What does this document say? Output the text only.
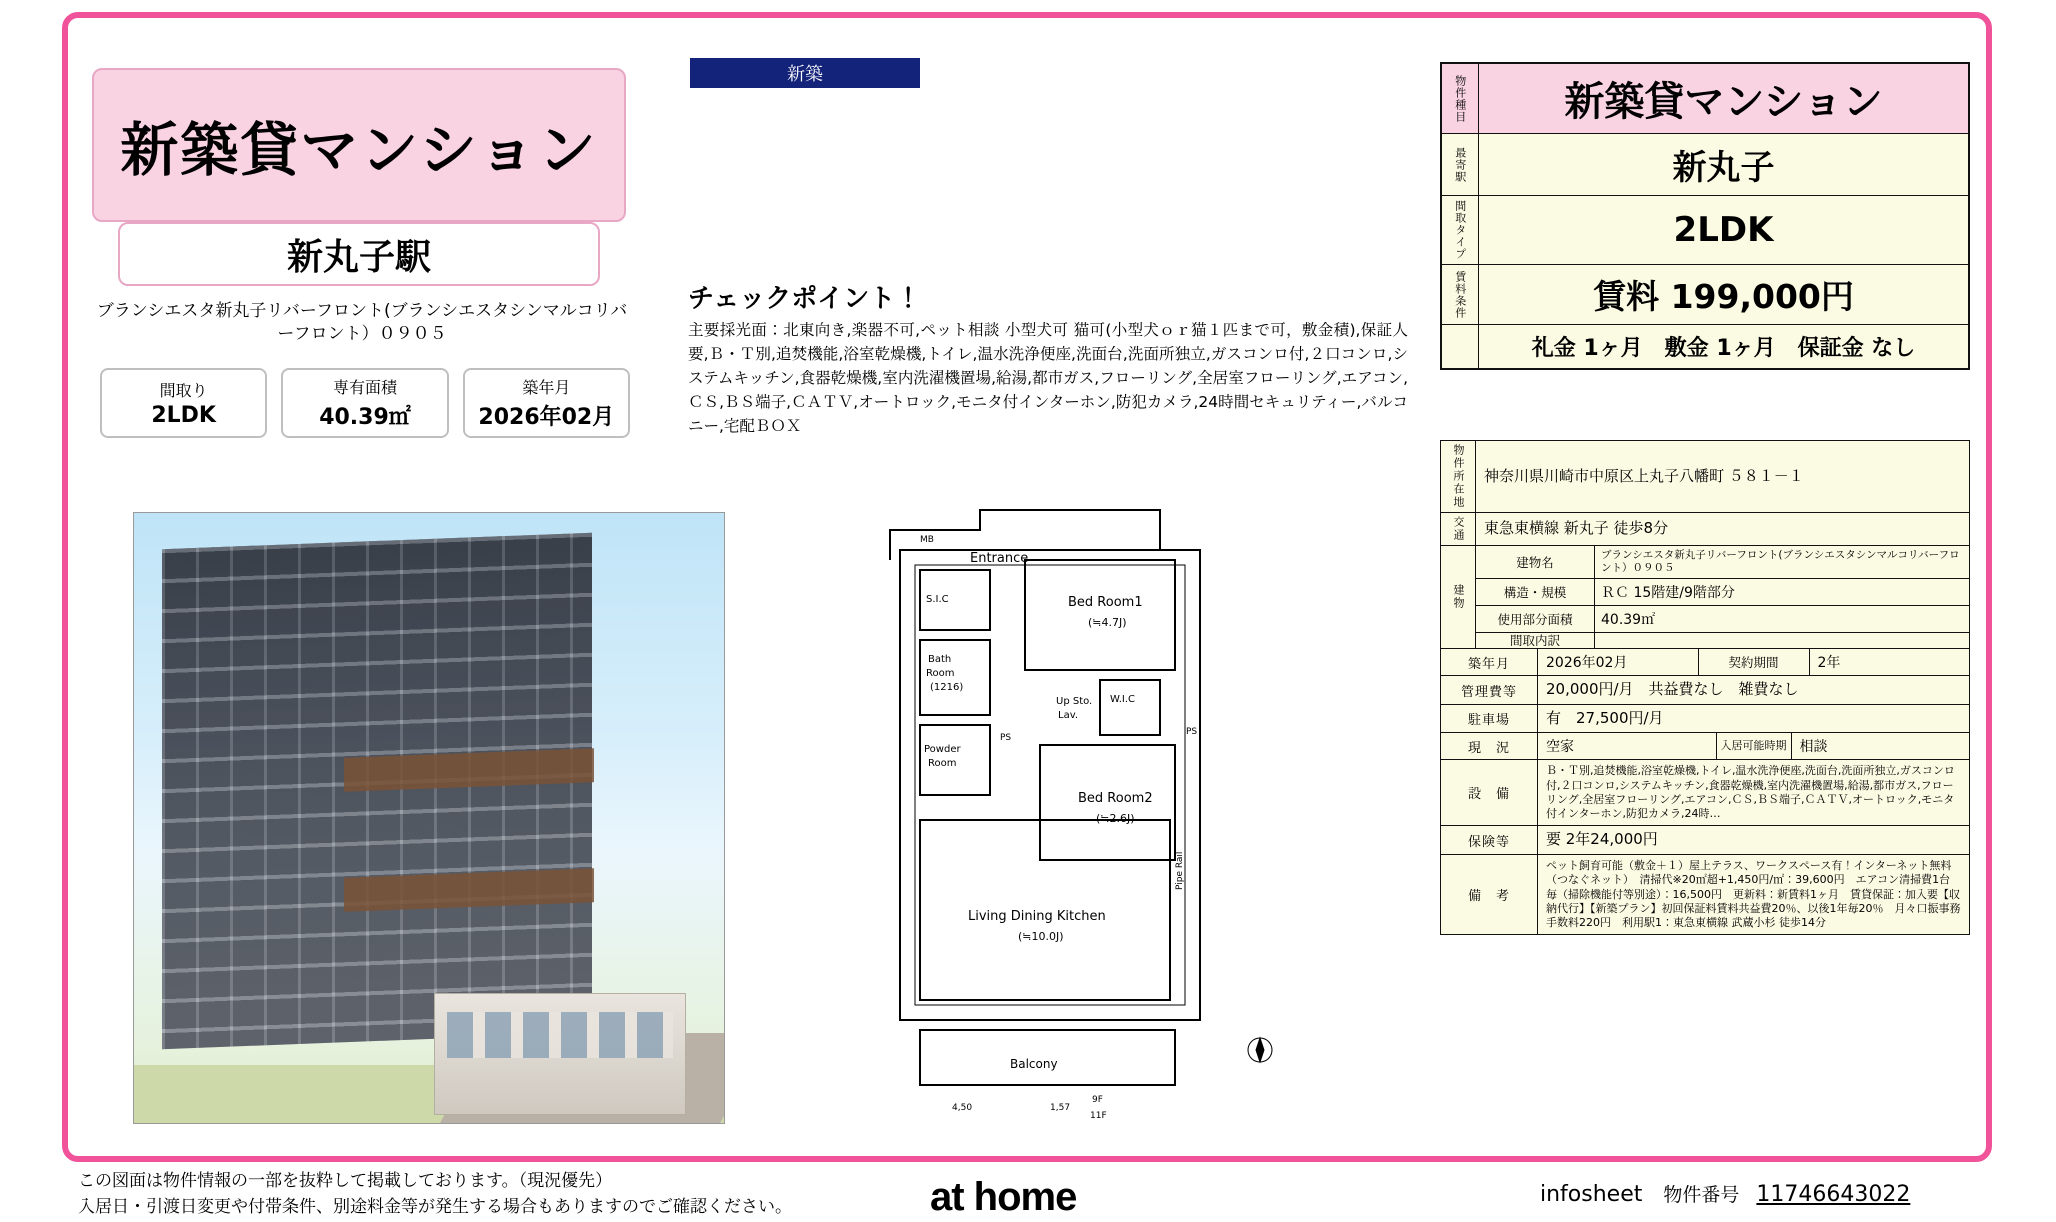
新築貸マンション
新丸子駅
ブランシエスタ新丸子リバーフロント(ブランシエスタシンマルコリバーフロント）０９０５
間取り
2LDK
専有面積
40.39㎡
築年月
2026年02月
新築
チェックポイント！
主要採光面：北東向き,楽器不可,ペット相談 小型犬可 猫可(小型犬ｏｒ猫１匹まで可，敷金積),保証人要,Ｂ・Ｔ別,追焚機能,浴室乾燥機,トイレ,温水洗浄便座,洗面台,洗面所独立,ガスコンロ付,２口コンロ,システムキッチン,食器乾燥機,室内洗濯機置場,給湯,都市ガス,フローリング,全居室フローリング,エアコン,ＣＳ,ＢＳ端子,ＣＡＴＶ,オートロック,モニタ付インターホン,防犯カメラ,24時間セキュリティー,バルコニー,宅配ＢＯＸ
Entrance
Bed Room1
(≒4.7J)
Bed Room2
(≒2.6J)
Living Dining Kitchen
(≒10.0J)
Bath
Room
(1216)
Powder
Room
S.I.C
W.I.C
Up Sto.
Lav.
PS
PS
MB
Pipe Rail
Balcony
4,50	1,57
11F
9F
物件種目	新築貸マンション
最寄駅	新丸子
間取タイプ	2LDK
賃料条件	賃料 199,000円
礼金 1ヶ月　敷金 1ヶ月　保証金 なし
物件所在地	神奈川県川崎市中原区上丸子八幡町 ５８１－１
交通	東急東横線 新丸子 徒歩8分
建物
建物名	ブランシエスタ新丸子リバーフロント(ブランシエスタシンマルコリバーフロント）０９０５
構造・規模	ＲＣ 15階建/9階部分
使用部分面積	40.39㎡
間取内訳
築年月	2026年02月	契約期間	2年
管理費等	20,000円/月　共益費なし　雑費なし
駐車場	有　27,500円/月
現　況	空家	入居可能時期 相談
設　備
Ｂ・Ｔ別,追焚機能,浴室乾燥機,トイレ,温水洗浄便座,洗面台,洗面所独立,ガスコンロ付,２口コンロ,システムキッチン,食器乾燥機,室内洗濯機置場,給湯,都市ガス,フローリング,全居室フローリング,エアコン,ＣＳ,ＢＳ端子,ＣＡＴＶ,オートロック,モニタ付インターホン,防犯カメラ,24時…
保険等	要 2年24,000円
備　考
ペット飼育可能（敷金＋１）屋上テラス、ワークスペース有！インターネット無料（つなぐネット）　清掃代※20㎡超+1,450円/㎡：39,600円　エアコン清掃費1台毎（掃除機能付等別途）：16,500円　更新料：新賃料1ヶ月　賃貸保証：加入要【収納代行】【新築プラン】初回保証料賃料共益費20％、以後1年毎20％　月々口振事務手数料220円　利用駅1：東急東横線 武蔵小杉 徒歩14分
この図面は物件情報の一部を抜粋して掲載しております。（現況優先）
入居日・引渡日変更や付帯条件、別途料金等が発生する場合もありますのでご確認ください。	at home	infosheet 物件番号 11746643022
